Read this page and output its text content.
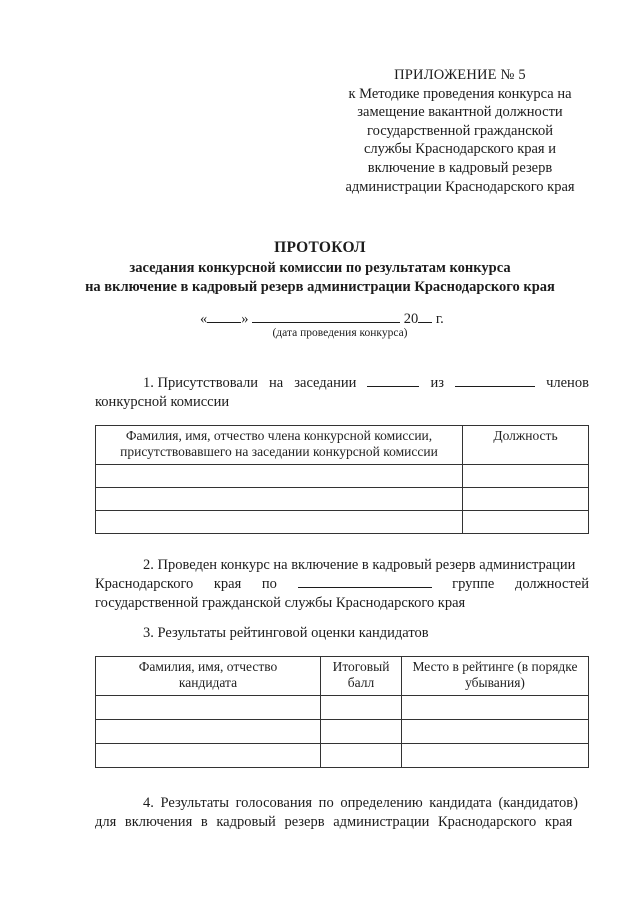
ПРИЛОЖЕНИЕ № 5
к Методике проведения конкурса на
замещение вакантной должности
государственной гражданской
службы Краснодарского края и
включение в кадровый резерв
администрации Краснодарского края
ПРОТОКОЛ
заседания конкурсной комиссии по результатам конкурса
на включение в кадровый резерв администрации Краснодарского края
« »	20 г.
(дата проведения конкурса)
1. Присутствовали на заседании	из	членов
конкурсной комиссии
Фамилия, имя, отчество члена конкурсной комиссии, присутствовавшего на заседании конкурсной комиссии	Должность

2. Проведен конкурс на включение в кадровый резерв администрации
Краснодарского края по	группе должностей
государственной гражданской службы Краснодарского края
3. Результаты рейтинговой оценки кандидатов
Фамилия, имя, отчество кандидата	Итоговый балл	Место в рейтинге (в порядке убывания)

4. Результаты голосования по определению кандидата (кандидатов)
для включения в кадровый резерв администрации Краснодарского края
